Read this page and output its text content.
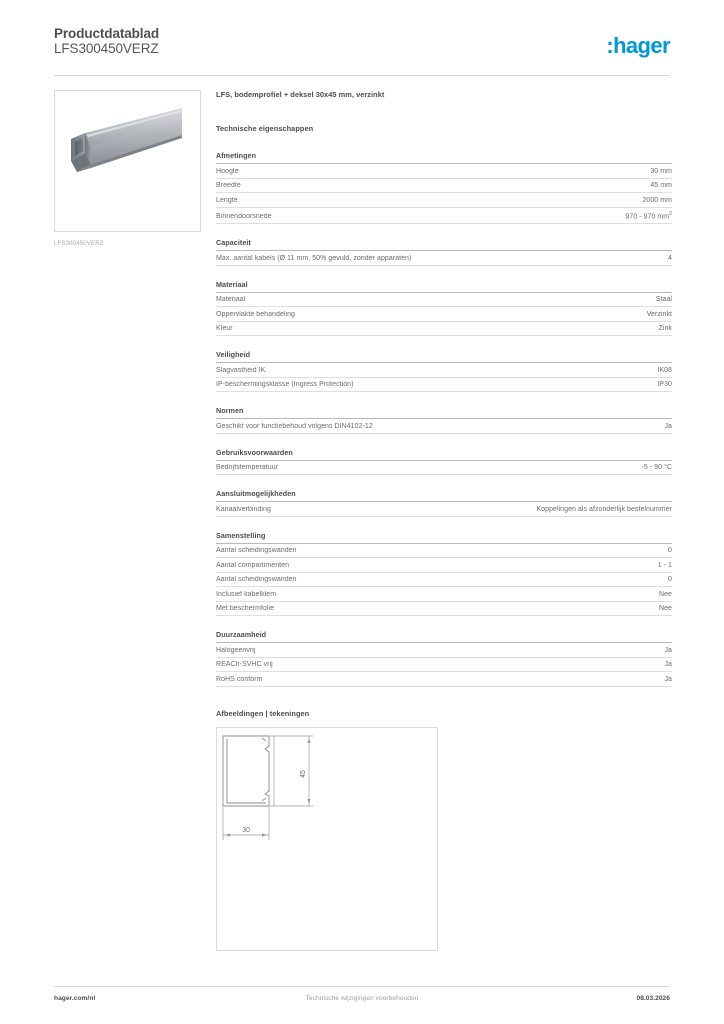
Productdatablad
LFS300450VERZ	:hager
LFS300450VERZ
LFS, bodemprofiel + deksel 30x45 mm, verzinkt
Technische eigenschappen
Afmetingen
Hoogte	30 mm
Breedte	45 mm
Lengte	2000 mm
Binnendoorsnede	970 - 970 $mm^2$
Capaciteit
Max. aantal kabels (Ø 11 mm, 50% gevuld, zonder apparaten)	4
Materiaal
Materiaal	Staal
Oppervlakte behandeling	Verzinkt
Kleur	Zink
Veiligheid
Slagvastheid IK	IK08
IP-beschermingsklasse (Ingress Protection)	IP30
Normen
Geschikt voor functiebehoud volgens DIN4102-12	Ja
Gebruiksvoorwaarden
Bedrijfstemperatuur	-5 - 90 °C
Aansluitmogelijkheden
Kanaalverbinding	Koppelingen als afzonderlijk bestelnummer
Samenstelling
Aantal scheidingswanden	0
Aantal compartimenten	1 - 1
Aantal scheidingswanden	0
Inclusief kabelklem	Nee
Met beschermfolie	Nee
Duurzaamheid
Halogeenvrij	Ja
REACh-SVHC vrij	Ja
RoHS conform	Ja
Afbeeldingen | tekeningen
45
30
hager.com/nl	Technische wijzigingen voorbehouden	08.03.2026
